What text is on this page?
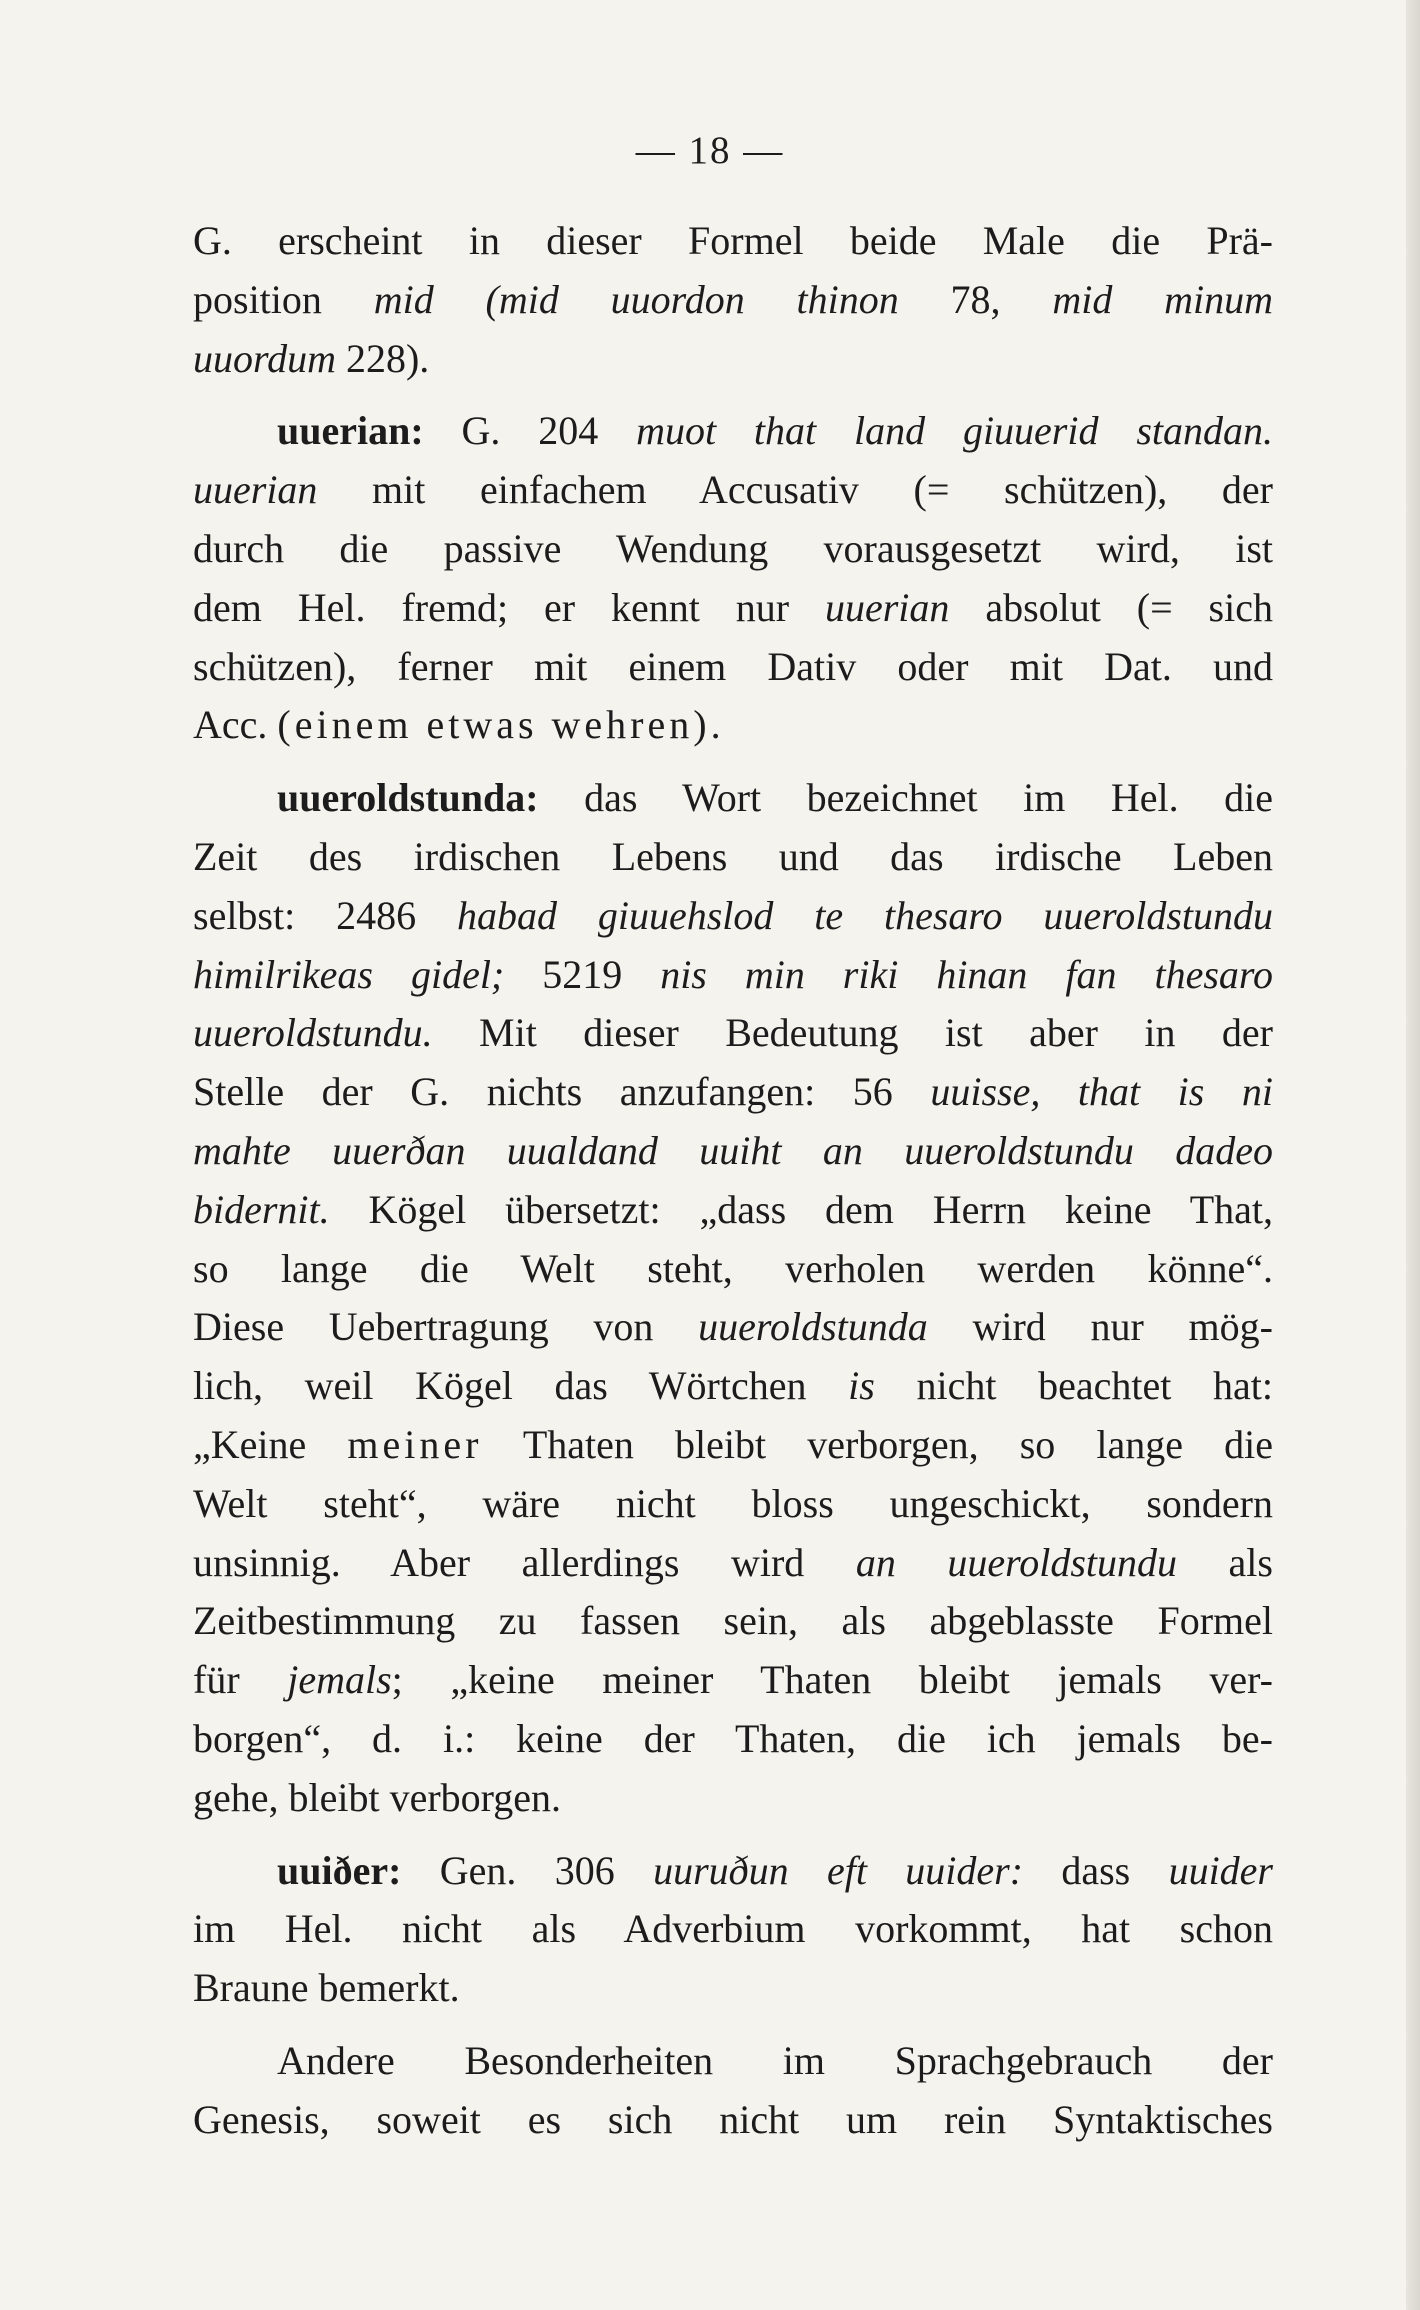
— 18 —
G. erscheint in dieser Formel beide Male die Prä-
position mid (mid uuordon thinon 78, mid minum
uuordum 228).
uuerian: G. 204 muot that land giuuerid standan.
uuerian mit einfachem Accusativ (= schützen), der
durch die passive Wendung vorausgesetzt wird, ist
dem Hel. fremd; er kennt nur uuerian absolut (= sich
schützen), ferner mit einem Dativ oder mit Dat. und
Acc. (einem etwas wehren).
uueroldstunda: das Wort bezeichnet im Hel. die
Zeit des irdischen Lebens und das irdische Leben
selbst: 2486 habad giuuehslod te thesaro uueroldstundu
himilrikeas gidel; 5219 nis min riki hinan fan thesaro
uueroldstundu. Mit dieser Bedeutung ist aber in der
Stelle der G. nichts anzufangen: 56 uuisse, that is ni
mahte uuerðan uualdand uuiht an uueroldstundu dadeo
bidernit. Kögel übersetzt: „dass dem Herrn keine That,
so lange die Welt steht, verholen werden könne“.
Diese Uebertragung von uueroldstunda wird nur mög-
lich, weil Kögel das Wörtchen is nicht beachtet hat:
„Keine meiner Thaten bleibt verborgen, so lange die
Welt steht“, wäre nicht bloss ungeschickt, sondern
unsinnig. Aber allerdings wird an uueroldstundu als
Zeitbestimmung zu fassen sein, als abgeblasste Formel
für jemals; „keine meiner Thaten bleibt jemals ver-
borgen“, d. i.: keine der Thaten, die ich jemals be-
gehe, bleibt verborgen.
uuiðer: Gen. 306 uuruðun eft uuider: dass uuider
im Hel. nicht als Adverbium vorkommt, hat schon
Braune bemerkt.
Andere Besonderheiten im Sprachgebrauch der
Genesis, soweit es sich nicht um rein Syntaktisches
